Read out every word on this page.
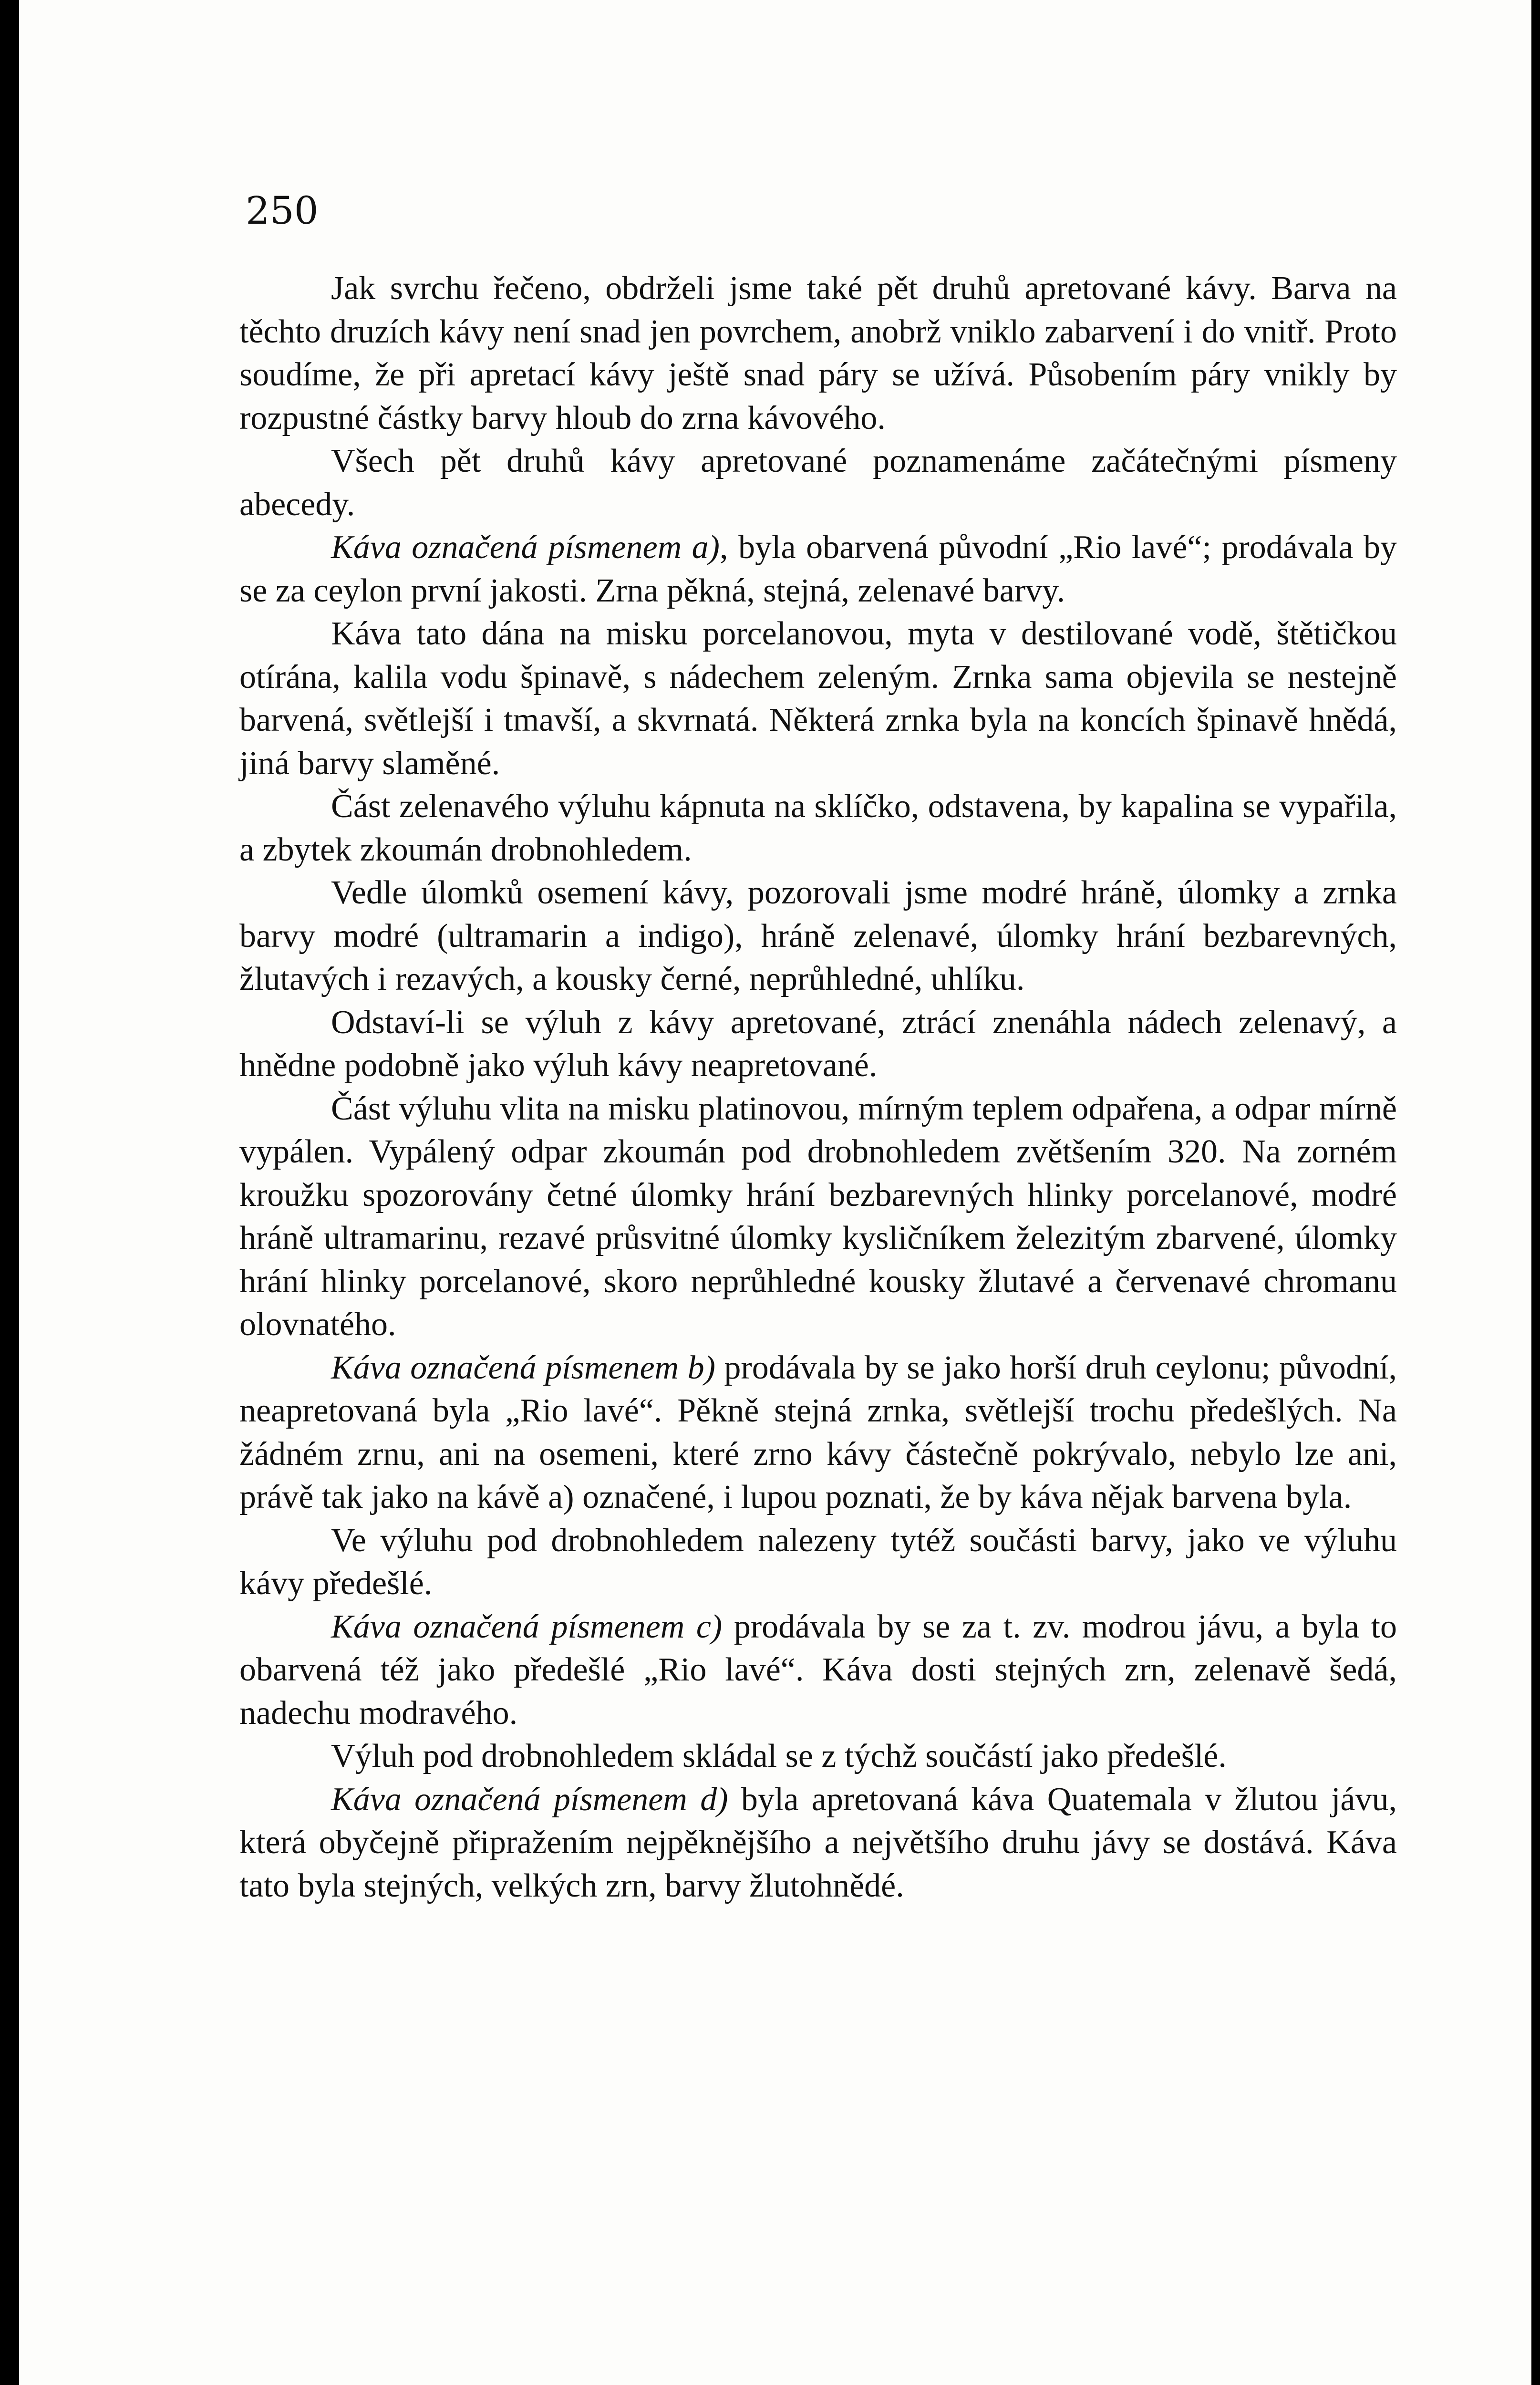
250

Jak svrchu řečeno, obdrželi jsme také pět druhů apretované kávy. Barva na těchto druzích kávy není snad jen povrchem, anobrž vniklo zabarvení i do vnitř. Proto soudíme, že při apretací kávy ještě snad páry se užívá. Působením páry vnikly by rozpustné částky barvy hloub do zrna kávového.

Všech pět druhů kávy apretované poznamenáme začátečnými písmeny abecedy.

Káva označená písmenem a), byla obarvená původní „Rio lavé“; prodávala by se za ceylon první jakosti. Zrna pěkná, stejná, zelenavé barvy.

Káva tato dána na misku porcelanovou, myta v destilované vodě, štětičkou otírána, kalila vodu špinavě, s nádechem zeleným. Zrnka sama objevila se nestejně barvená, světlejší i tmavší, a skvrnatá. Některá zrnka byla na koncích špinavě hnědá, jiná barvy slaměné.

Část zelenavého výluhu kápnuta na sklíčko, odstavena, by kapalina se vypařila, a zbytek zkoumán drobnohledem.

Vedle úlomků osemení kávy, pozorovali jsme modré hráně, úlomky a zrnka barvy modré (ultramarin a indigo), hráně zelenavé, úlomky hrání bezbarevných, žlutavých i rezavých, a kousky černé, neprůhledné, uhlíku.

Odstaví-li se výluh z kávy apretované, ztrácí znenáhla nádech zelenavý, a hnědne podobně jako výluh kávy neapretované.

Část výluhu vlita na misku platinovou, mírným teplem odpařena, a odpar mírně vypálen. Vypálený odpar zkoumán pod drobnohledem zvětšením 320. Na zorném kroužku spozorovány četné úlomky hrání bezbarevných hlinky porcelanové, modré hráně ultramarinu, rezavé průsvitné úlomky kysličníkem železitým zbarvené, úlomky hrání hlinky porcelanové, skoro neprůhledné kousky žlutavé a červenavé chromanu olovnatého.

Káva označená písmenem b) prodávala by se jako horší druh ceylonu; původní, neapretovaná byla „Rio lavé“. Pěkně stejná zrnka, světlejší trochu předešlých. Na žádném zrnu, ani na osemeni, které zrno kávy částečně pokrývalo, nebylo lze ani, právě tak jako na kávě a) označené, i lupou poznati, že by káva nějak barvena byla.

Ve výluhu pod drobnohledem nalezeny tytéž součásti barvy, jako ve výluhu kávy předešlé.

Káva označená písmenem c) prodávala by se za t. zv. modrou jávu, a byla to obarvená též jako předešlé „Rio lavé“. Káva dosti stejných zrn, zelenavě šedá, nadechu modravého.

Výluh pod drobnohledem skládal se z týchž součástí jako předešlé.

Káva označená písmenem d) byla apretovaná káva Quatemala v žlutou jávu, která obyčejně připražením nejpěknějšího a největšího druhu jávy se dostává. Káva tato byla stejných, velkých zrn, barvy žlutohnědé.
